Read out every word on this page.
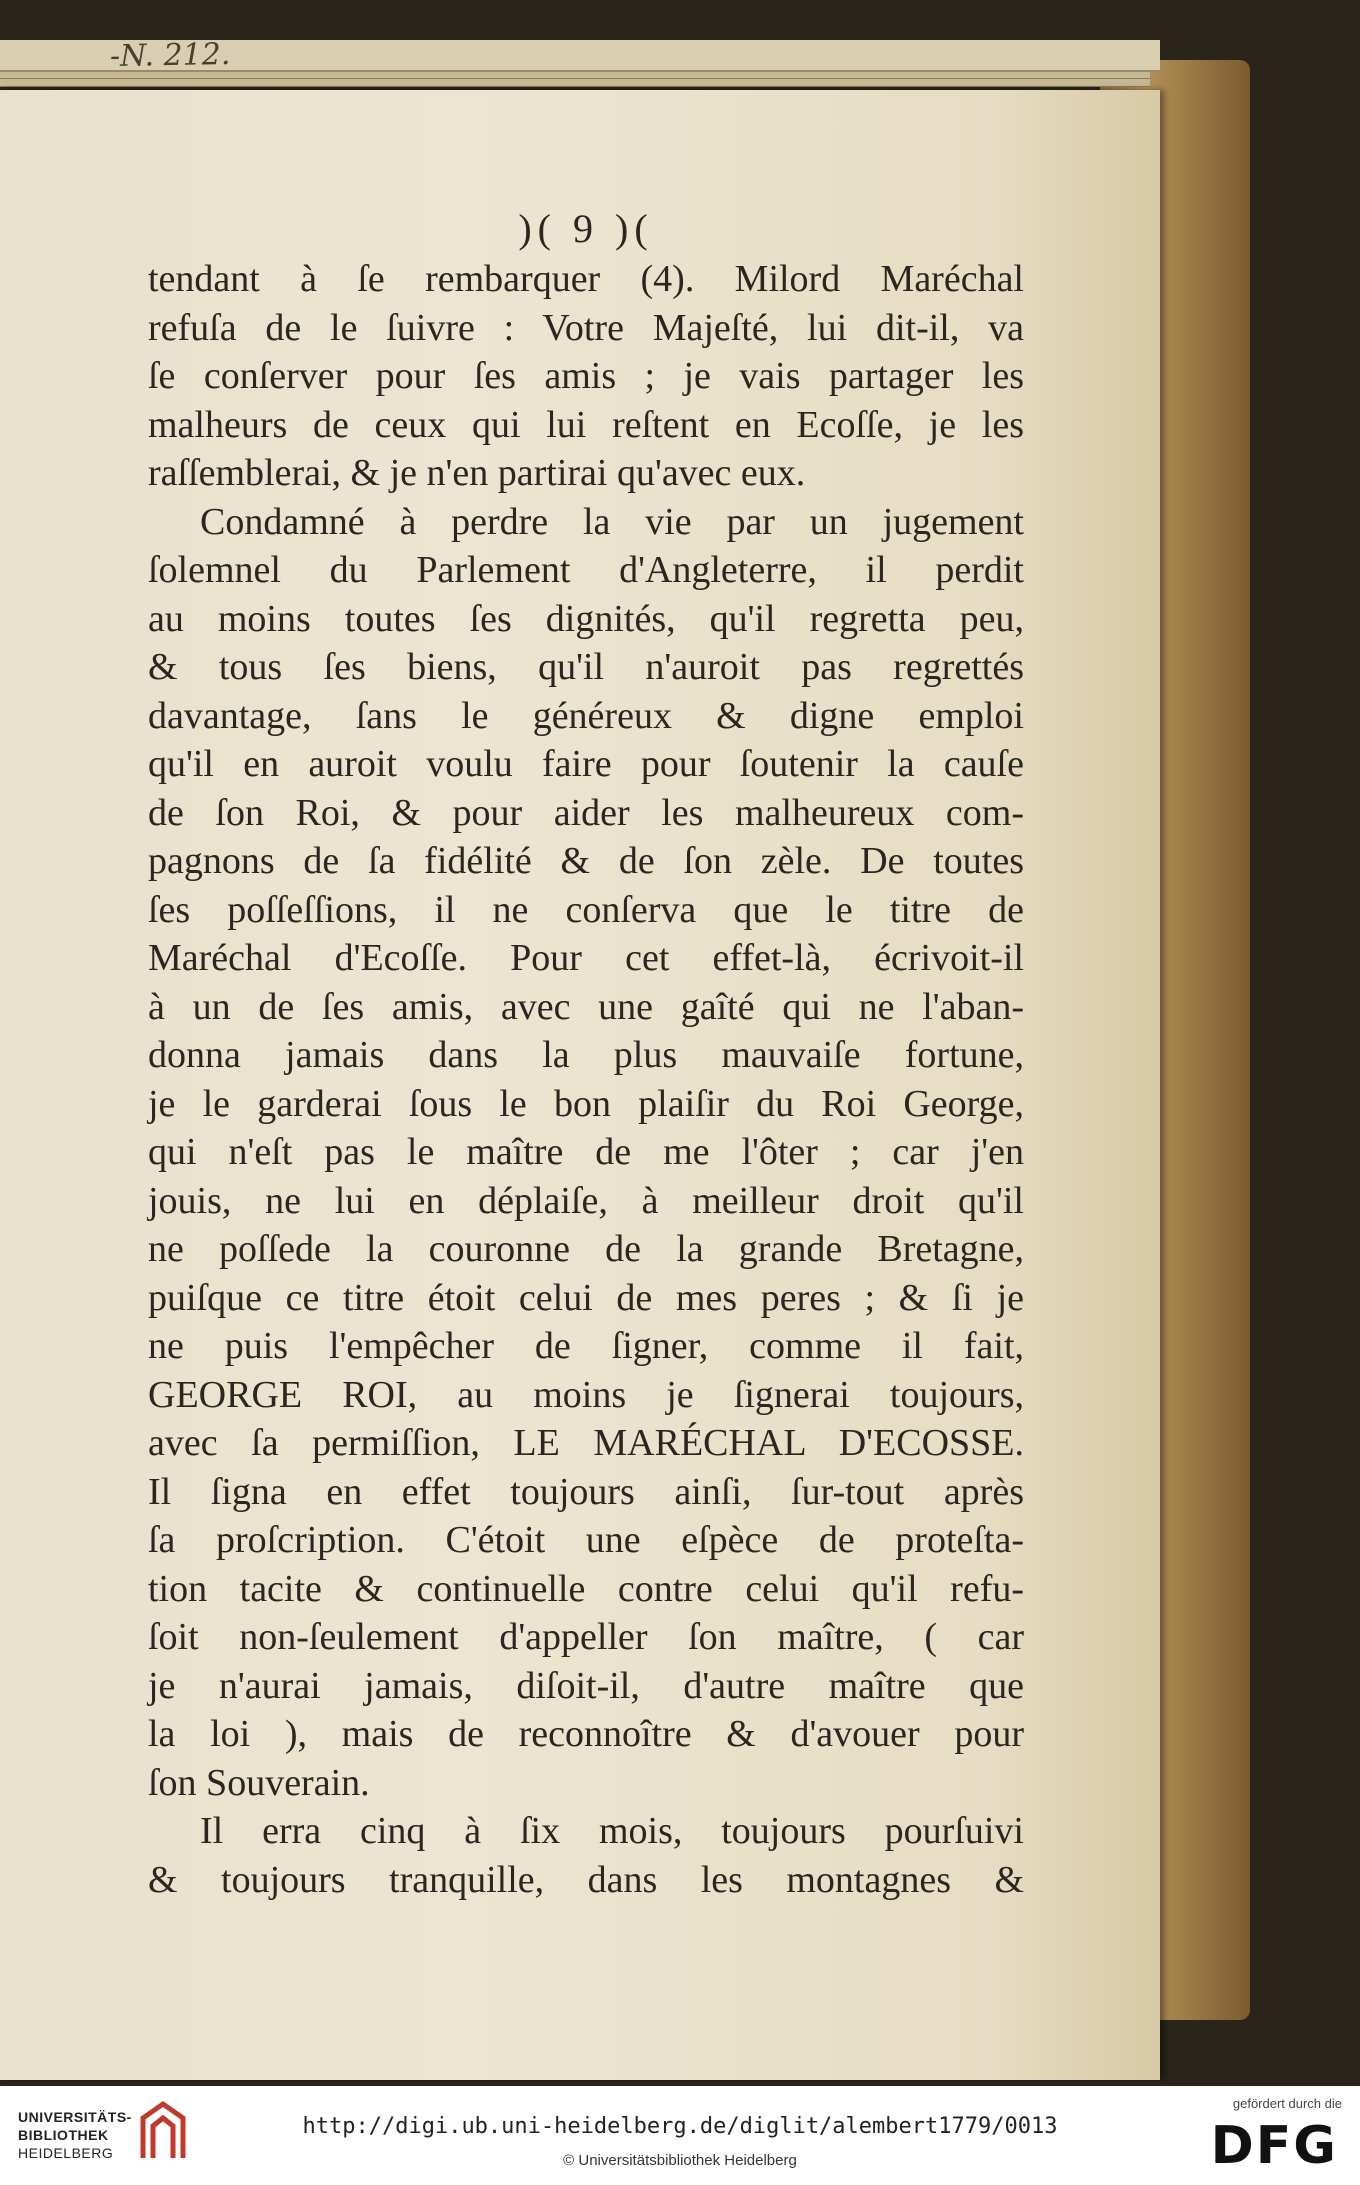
-N. 212.
)( 9 )(
tendant à ſe rembarquer (4). Milord Maréchal
refuſa de le ſuivre : Votre Majeſté, lui dit-il, va
ſe conſerver pour ſes amis ; je vais partager les
malheurs de ceux qui lui reſtent en Ecoſſe, je les
raſſemblerai, & je n'en partirai qu'avec eux.
Condamné à perdre la vie par un jugement
ſolemnel du Parlement d'Angleterre, il perdit
au moins toutes ſes dignités, qu'il regretta peu,
& tous ſes biens, qu'il n'auroit pas regrettés
davantage, ſans le généreux & digne emploi
qu'il en auroit voulu faire pour ſoutenir la cauſe
de ſon Roi, & pour aider les malheureux com-
pagnons de ſa fidélité & de ſon zèle. De toutes
ſes poſſeſſions, il ne conſerva que le titre de
Maréchal d'Ecoſſe. Pour cet effet-là, écrivoit-il
à un de ſes amis, avec une gaîté qui ne l'aban-
donna jamais dans la plus mauvaiſe fortune,
je le garderai ſous le bon plaiſir du Roi George,
qui n'eſt pas le maître de me l'ôter ; car j'en
jouis, ne lui en déplaiſe, à meilleur droit qu'il
ne poſſede la couronne de la grande Bretagne,
puiſque ce titre étoit celui de mes peres ; & ſi je
ne puis l'empêcher de ſigner, comme il fait,
GEORGE ROI, au moins je ſignerai toujours,
avec ſa permiſſion, LE MARÉCHAL D'ECOSSE.
Il ſigna en effet toujours ainſi, ſur-tout après
ſa proſcription. C'étoit une eſpèce de proteſta-
tion tacite & continuelle contre celui qu'il refu-
ſoit non-ſeulement d'appeller ſon maître, ( car
je n'aurai jamais, diſoit-il, d'autre maître que
la loi ), mais de reconnoître & d'avouer pour
ſon Souverain.
Il erra cinq à ſix mois, toujours pourſuivi
& toujours tranquille, dans les montagnes &
UNIVERSITÄTS-
BIBLIOTHEK
HEIDELBERG
http://digi.ub.uni-heidelberg.de/diglit/alembert1779/0013
© Universitätsbibliothek Heidelberg
gefördert durch die
DFG
